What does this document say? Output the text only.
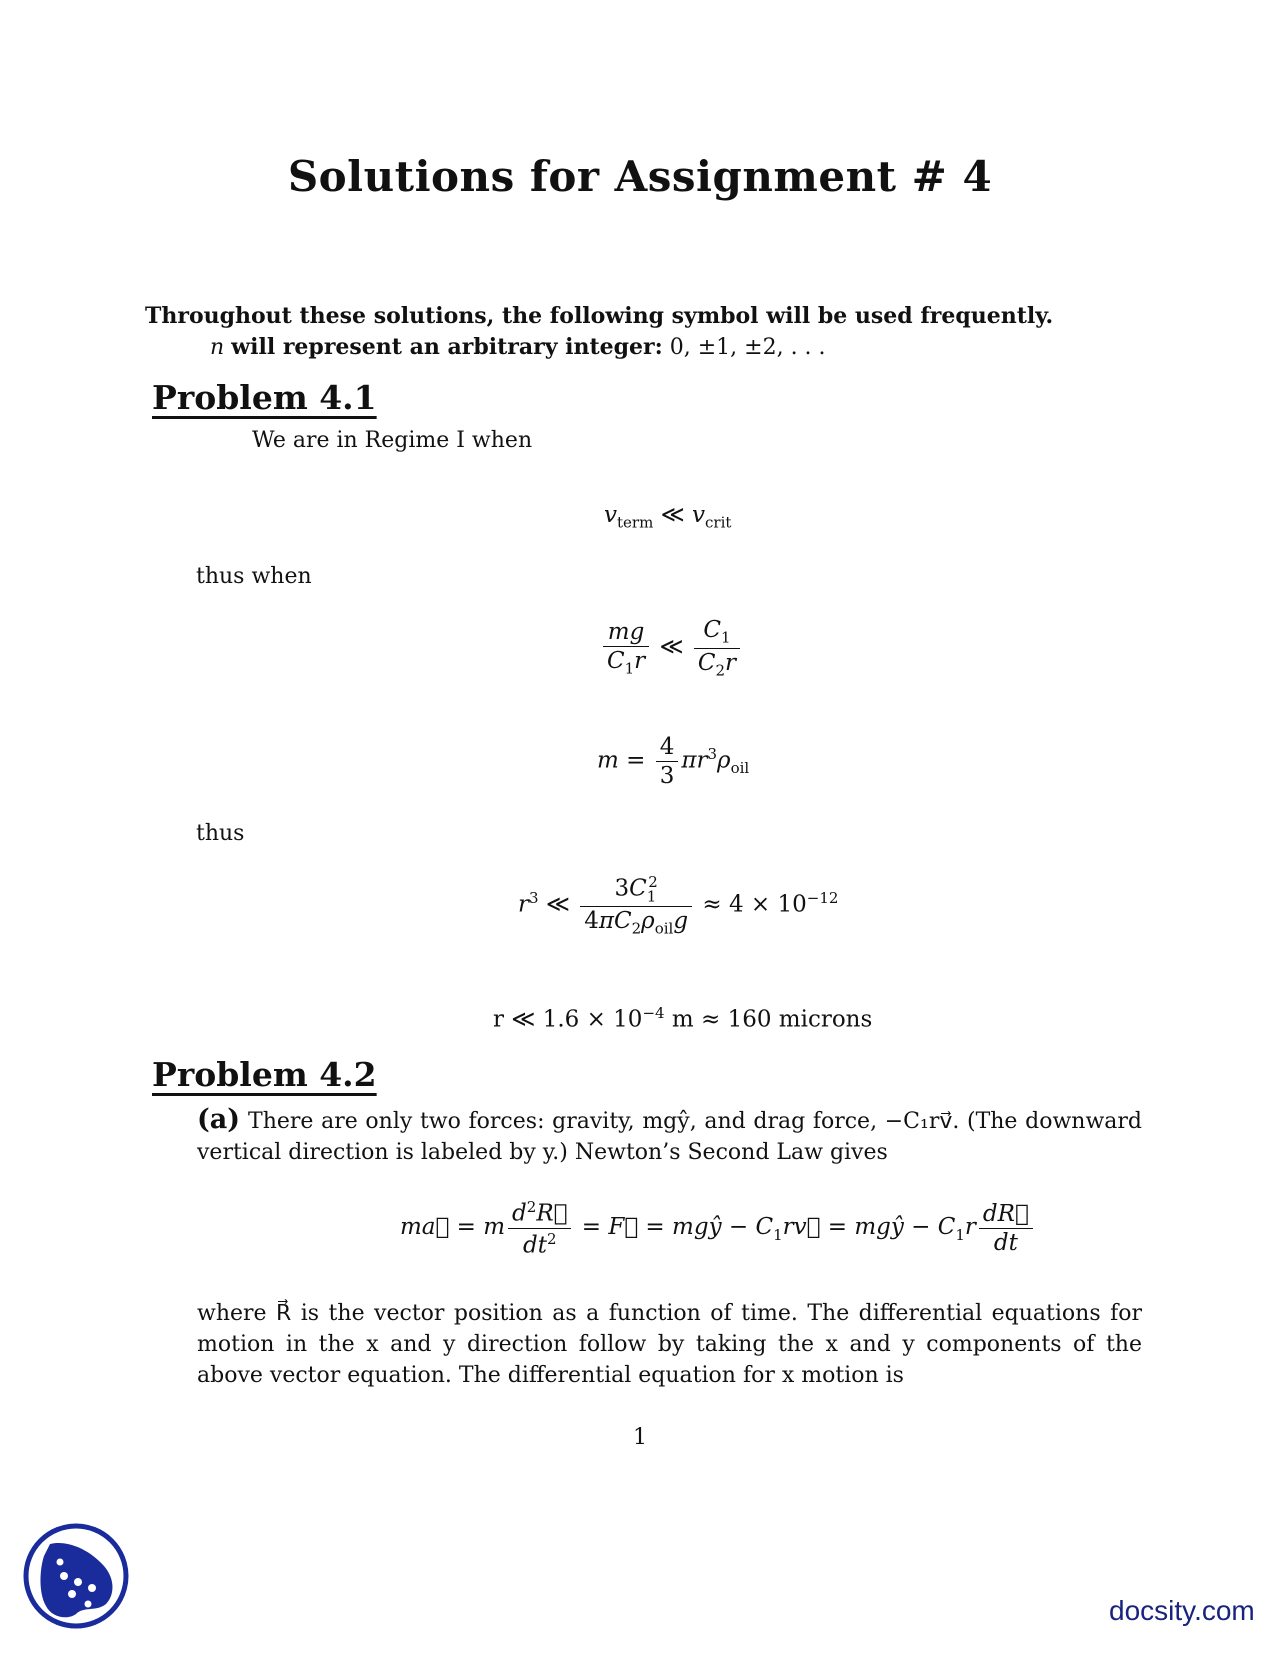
Solutions for Assignment # 4
Throughout these solutions, the following symbol will be used frequently.
n will represent an arbitrary integer: 0, ±1, ±2, . . .
Problem 4.1
We are in Regime I when
$v_{term}$ ≪ $v_{crit}$
thus when
$\frac{mg}{C_1r}$ ≪ $\frac{C_1}{C_2r}$
$m = \frac{4}{3} \pi r^3\rho_{oil}$
thus
$r^3$ ≪ $\frac{3C_1^2}{4\pi C_2\rho_{oil}g} \approx 4 \times 10^{-12}$
r ≪ $1.6 \times 10^{-4}$ m ≈ 160 microns
Problem 4.2
(a) There are only two forces: gravity, mgŷ, and drag force, −C₁rv⃗. (The downward vertical direction is labeled by y.) Newton’s Second Law gives
ma⃗ = m $\frac{d^2R⃗}{dt^2}$ = F⃗ = mgŷ − $C_1rv⃗$ = mgŷ − $C_1r \frac{dR⃗}{dt}$
where R⃗ is the vector position as a function of time. The differential equations for motion in the x and y direction follow by taking the x and y components of the above vector equation. The differential equation for x motion is
1
docsity.com
